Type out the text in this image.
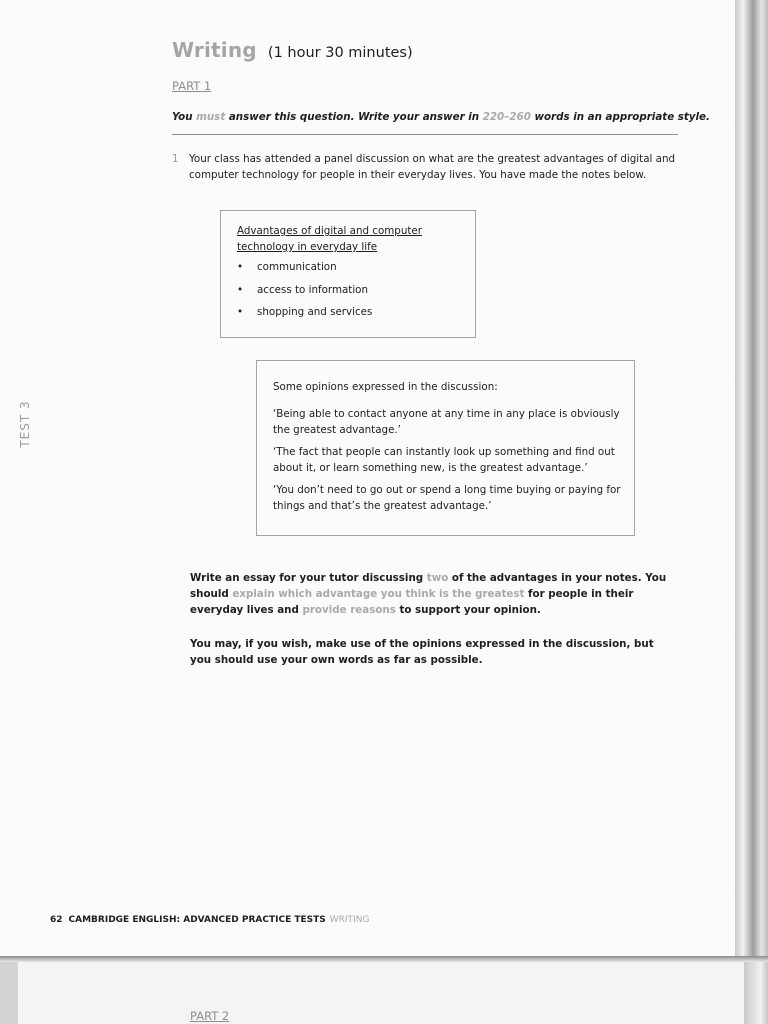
Writing (1 hour 30 minutes)
PART 1
You must answer this question. Write your answer in 220–260 words in an appropriate style.
1 Your class has attended a panel discussion on what are the greatest advantages of digital and computer technology for people in their everyday lives. You have made the notes below.
Advantages of digital and computer technology in everyday life
• communication
• access to information
• shopping and services
Some opinions expressed in the discussion:
‘Being able to contact anyone at any time in any place is obviously the greatest advantage.’
‘The fact that people can instantly look up something and find out about it, or learn something new, is the greatest advantage.’
‘You don’t need to go out or spend a long time buying or paying for things and that’s the greatest advantage.’
Write an essay for your tutor discussing two of the advantages in your notes. You should explain which advantage you think is the greatest for people in their everyday lives and provide reasons to support your opinion.
You may, if you wish, make use of the opinions expressed in the discussion, but you should use your own words as far as possible.
TEST 3
62 CAMBRIDGE ENGLISH: ADVANCED PRACTICE TESTS WRITING
PART 2
